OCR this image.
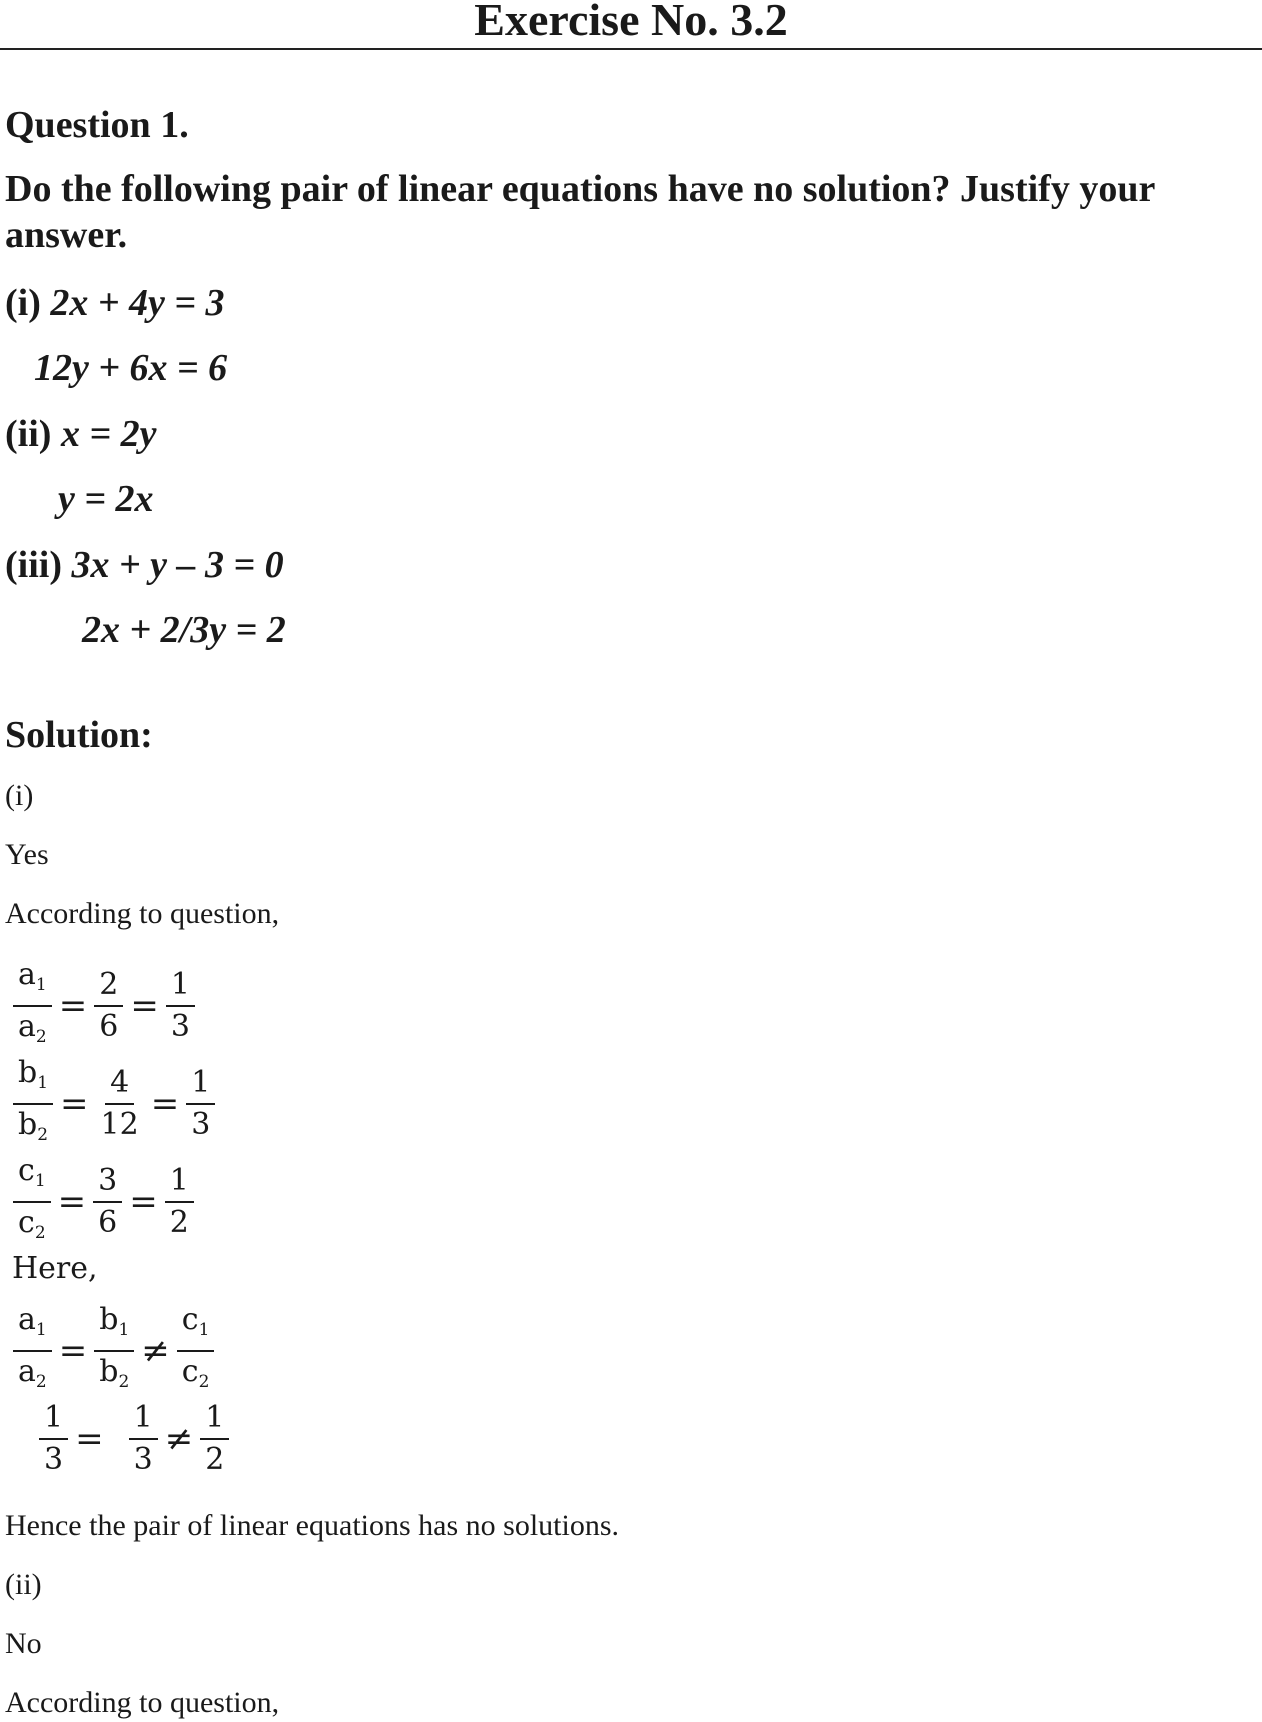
Exercise No. 3.2
Question 1.
Do the following pair of linear equations have no solution? Justify your answer.
(i) 2x + 4y = 3
12y + 6x = 6
(ii) x = 2y
y = 2x
(iii) 3x + y – 3 = 0
2x + 2/3y = 2
Solution:
(i)
Yes
According to question,
$\frac{a_1}{a_2} = \frac{2}{6} = \frac{1}{3}$
$\frac{b_1}{b_2} = \frac{4}{12} = \frac{1}{3}$
$\frac{c_1}{c_2} = \frac{3}{6} = \frac{1}{2}$
Here,
$\frac{a_1}{a_2} = \frac{b_1}{b_2} \ne \frac{c_1}{c_2}$
$\frac{1}{3} = \frac{1}{3} \ne \frac{1}{2}$
Hence the pair of linear equations has no solutions.
(ii)
No
According to question,
